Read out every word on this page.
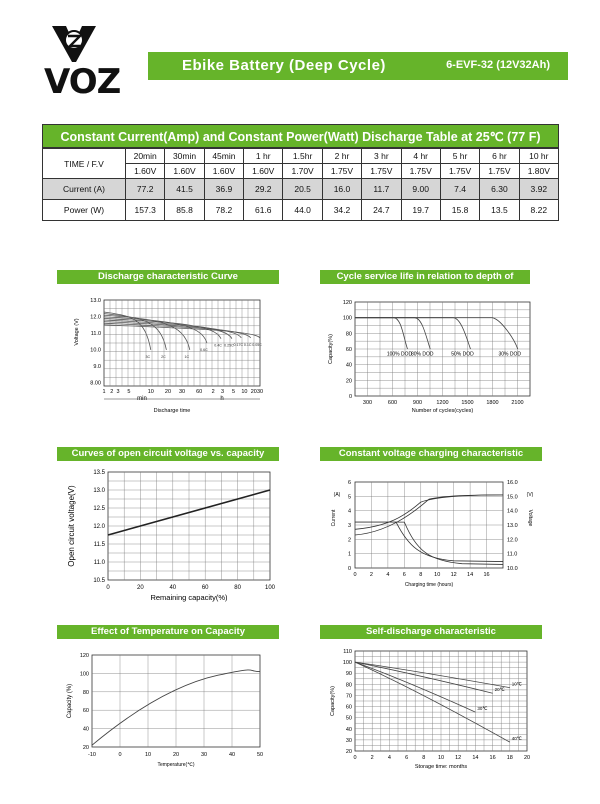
VOZ	Ebike Battery (Deep Cycle)	6-EVF-32 (12V32Ah)
Constant Current(Amp) and Constant Power(Watt) Discharge Table at 25℃ (77 F)
TIME / F.V	20min	30min	45min	1 hr	1.5hr	2 hr	3 hr	4 hr	5 hr	6 hr	10 hr
	1.60V	1.60V	1.60V	1.60V	1.70V	1.75V	1.75V	1.75V	1.75V	1.75V	1.80V
Current (A)	77.2	41.5	36.9	29.2	20.5	16.0	11.7	9.00	7.4	6.30	3.92
Power (W)	157.3	85.8	78.2	61.6	44.0	34.2	24.7	19.7	15.8	13.5	8.22
Discharge characteristic Curve
Voltage (V)
13.0
12.0
11.0
10.0
9.0
8.00
1 2 3 5	10 20 30 60 2 3 5 10 20 30
min	h
Discharge time
3C	2C	1C
0.6C
0.4C 0.25C 0.17C 0.1C 0.05C
Cycle service life in relation to depth of discharge
Capacity(%)
120
100
80
60
40
20
0
300	600	900	1200 1500 1800 2100
Number of cycles(cycles)
100% DOD
80% DOD	50% DOD	30% DOD
Curves of open circuit voltage vs. capacity
Open circuit voltage(V)
13.5
13.0
12.5
12.0
11.5
11.0
10.5
0	20	40	60	80	100
Remaining capacity(%)
Constant voltage charging characteristic
(A)
Current
(V)
Voltage
6
5
4
3
2
1
0
16.0
15.0
14.0
13.0
12.0
11.0
10.0
0 2 4 6 8 10 12 14 16
Charging time (hours)
Effect of Temperature on Capacity
Capacity (%)
120
100
80
60
40
20
-10	0	10	20	30	40	50
Temperature(℃)
Self-discharge characteristic
Capacity(%)
110
100
90
80
70
60
50
40
30
20
0	2	4	6	8 10 12 14 16 18 20
Storage time: months
10℃
20℃
30℃
40℃
